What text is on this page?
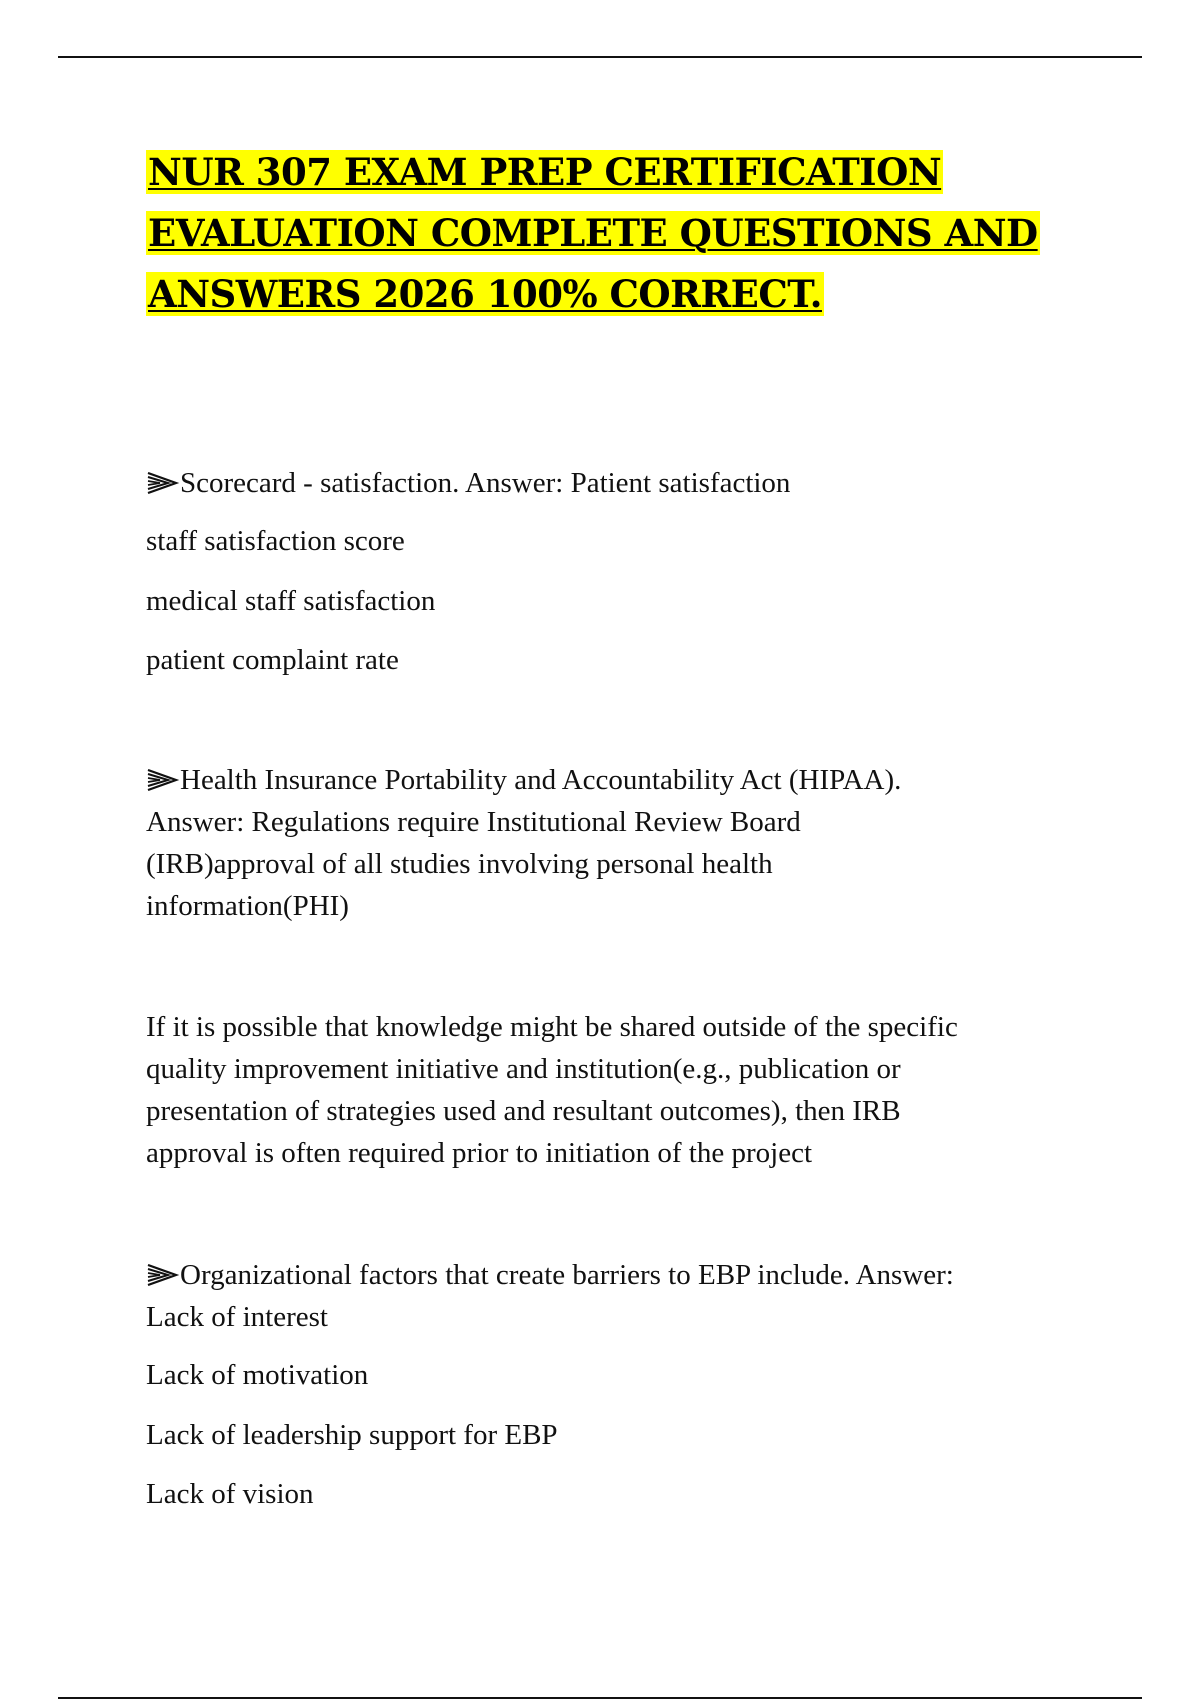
NUR 307 EXAM PREP CERTIFICATION
EVALUATION COMPLETE QUESTIONS AND
ANSWERS 2026 100% CORRECT.

Scorecard - satisfaction. Answer: Patient satisfaction

staff satisfaction score

medical staff satisfaction

patient complaint rate

Health Insurance Portability and Accountability Act (HIPAA).
Answer: Regulations require Institutional Review Board
(IRB)approval of all studies involving personal health
information(PHI)

If it is possible that knowledge might be shared outside of the specific
quality improvement initiative and institution(e.g., publication or
presentation of strategies used and resultant outcomes), then IRB
approval is often required prior to initiation of the project

Organizational factors that create barriers to EBP include. Answer:
Lack of interest

Lack of motivation

Lack of leadership support for EBP

Lack of vision
